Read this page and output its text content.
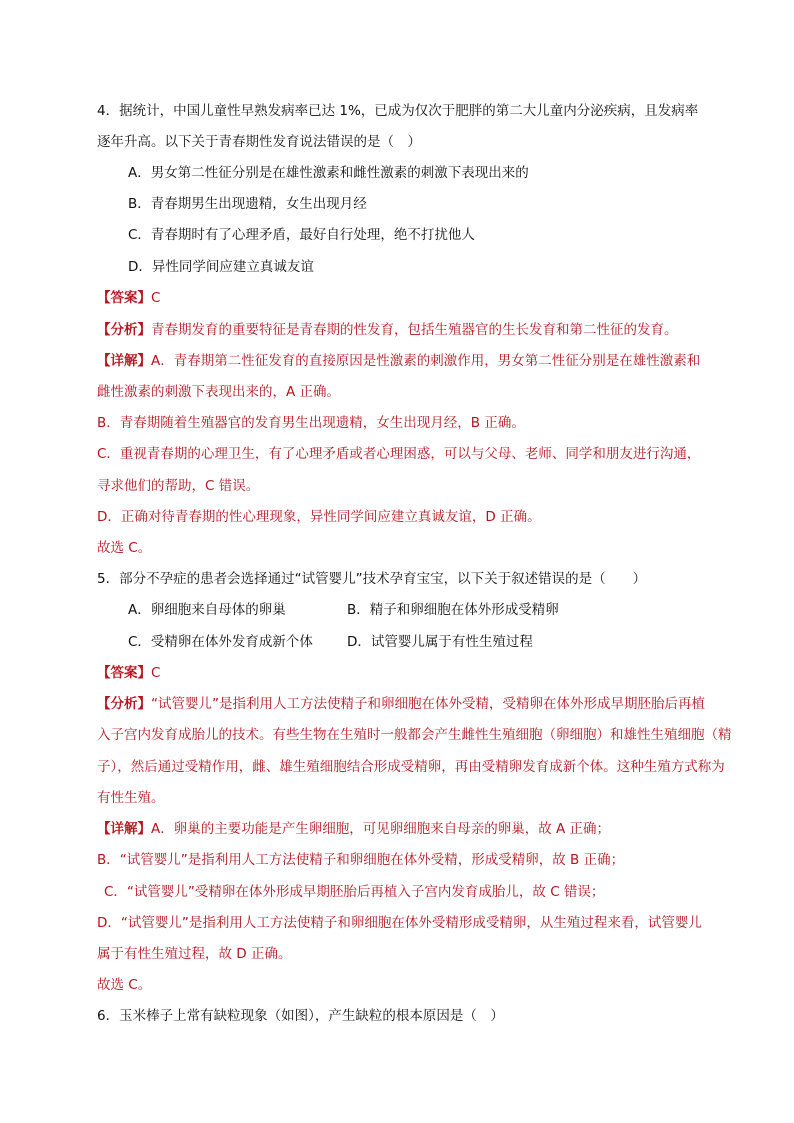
4．据统计，中国儿童性早熟发病率已达 1%，已成为仅次于肥胖的第二大儿童内分泌疾病，且发病率
逐年升高。以下关于青春期性发育说法错误的是（　）
A．男女第二性征分别是在雄性激素和雌性激素的刺激下表现出来的
B．青春期男生出现遗精，女生出现月经
C．青春期时有了心理矛盾，最好自行处理，绝不打扰他人
D．异性同学间应建立真诚友谊
【答案】C
【分析】青春期发育的重要特征是青春期的性发育，包括生殖器官的生长发育和第二性征的发育。
【详解】A．青春期第二性征发育的直接原因是性激素的刺激作用，男女第二性征分别是在雄性激素和
雌性激素的刺激下表现出来的，A 正确。
B．青春期随着生殖器官的发育男生出现遗精，女生出现月经，B 正确。
C．重视青春期的心理卫生，有了心理矛盾或者心理困惑，可以与父母、老师、同学和朋友进行沟通，
寻求他们的帮助，C 错误。
D．正确对待青春期的性心理现象，异性同学间应建立真诚友谊，D 正确。
故选 C。
5．部分不孕症的患者会选择通过“试管婴儿”技术孕育宝宝，以下关于叙述错误的是（　　）
A．卵细胞来自母体的卵巢	B．精子和卵细胞在体外形成受精卵
C．受精卵在体外发育成新个体	D．试管婴儿属于有性生殖过程
【答案】C
【分析】“试管婴儿”是指利用人工方法使精子和卵细胞在体外受精，受精卵在体外形成早期胚胎后再植
入子宫内发育成胎儿的技术。有些生物在生殖时一般都会产生雌性生殖细胞（卵细胞）和雄性生殖细胞（精
子），然后通过受精作用，雌、雄生殖细胞结合形成受精卵，再由受精卵发育成新个体。这种生殖方式称为
有性生殖。
【详解】A．卵巢的主要功能是产生卵细胞，可见卵细胞来自母亲的卵巢，故 A 正确；
B．“试管婴儿”是指利用人工方法使精子和卵细胞在体外受精，形成受精卵，故 B 正确；
C．“试管婴儿”受精卵在体外形成早期胚胎后再植入子宫内发育成胎儿，故 C 错误；
D．“试管婴儿”是指利用人工方法使精子和卵细胞在体外受精形成受精卵，从生殖过程来看，试管婴儿
属于有性生殖过程，故 D 正确。
故选 C。
6．玉米棒子上常有缺粒现象（如图），产生缺粒的根本原因是（　）
